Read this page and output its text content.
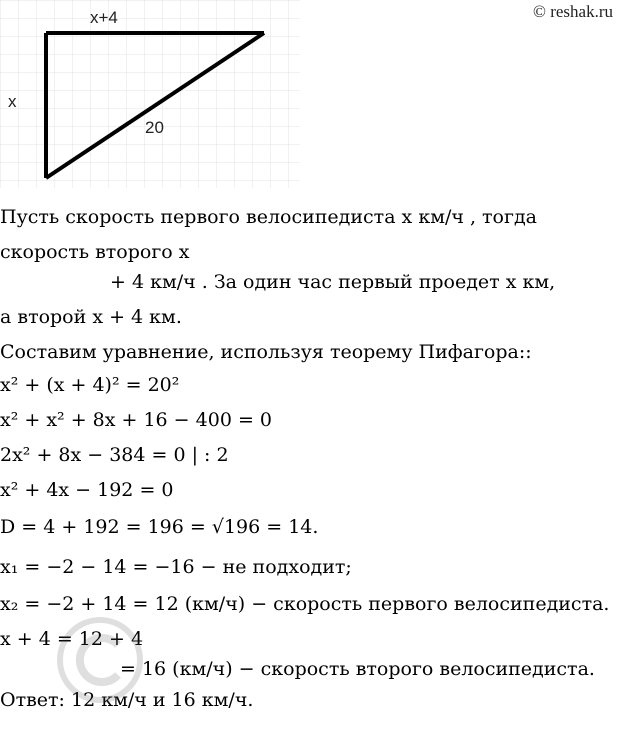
© reshak.ru
x+4
x
20
Пусть скорость первого велосипедиста x км/ч , тогда
скорость второго x
+ 4 км/ч . За один час первый проедет x км,
а второй x + 4 км.
Составим уравнение, используя теорему Пифагора::
x² + (x + 4)² = 20²
x² + x² + 8x + 16 − 400 = 0
2x² + 8x − 384 = 0 | : 2
x² + 4x − 192 = 0
D = 4 + 192 = 196 = √196 = 14.
x₁ = −2 − 14 = −16 − не подходит;
x₂ = −2 + 14 = 12 (км/ч) − скорость первого велосипедиста.
x + 4 = 12 + 4
= 16 (км/ч) − скорость второго велосипедиста.
Ответ: 12 км/ч и 16 км/ч.
